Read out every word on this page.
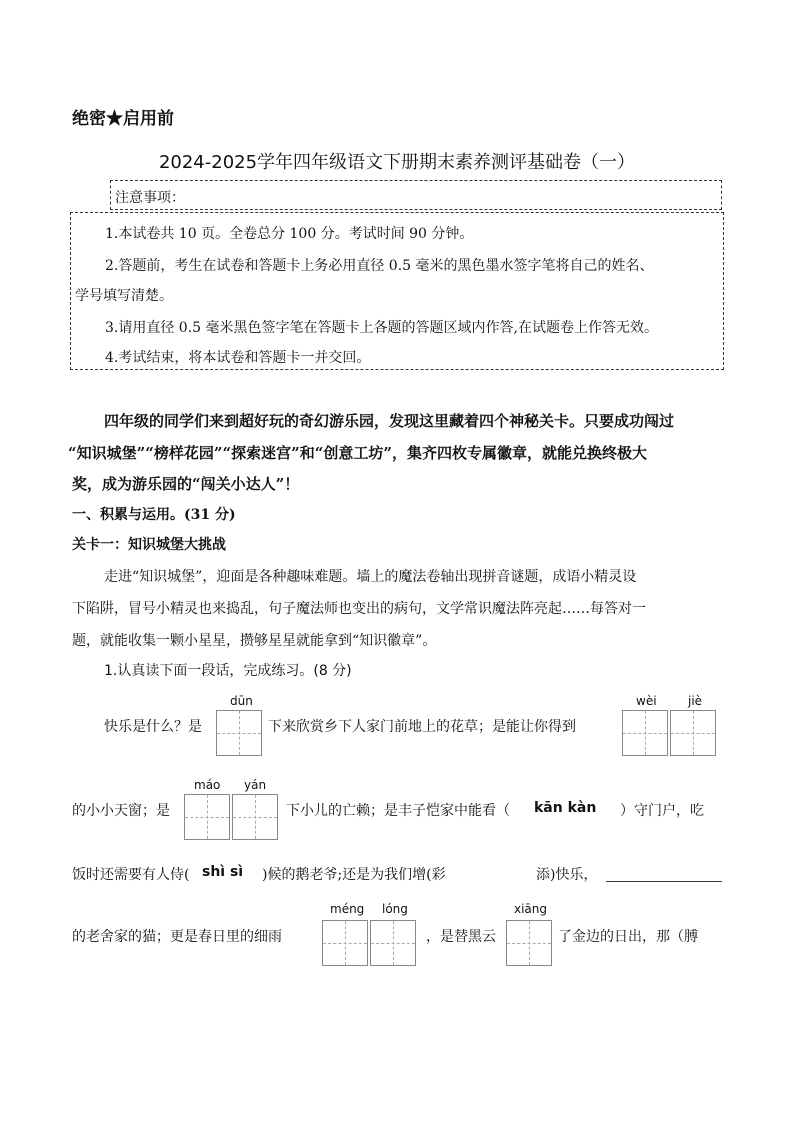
绝密★启用前
2024-2025学年四年级语文下册期末素养测评基础卷（一）
注意事项：
1.本试卷共 10 页。全卷总分 100 分。考试时间 90 分钟。
2.答题前，考生在试卷和答题卡上务必用直径 0.5 毫米的黑色墨水签字笔将自己的姓名、
学号填写清楚。
3.请用直径 0.5 毫米黑色签字笔在答题卡上各题的答题区域内作答,在试题卷上作答无效。
4.考试结束，将本试卷和答题卡一并交回。
四年级的同学们来到超好玩的奇幻游乐园，发现这里藏着四个神秘关卡。只要成功闯过
“知识城堡”“榜样花园”“探索迷宫”和“创意工坊”，集齐四枚专属徽章，就能兑换终极大
奖，成为游乐园的“闯关小达人”！
一、积累与运用。(31 分)
关卡一：知识城堡大挑战
走进“知识城堡”，迎面是各种趣味难题。墙上的魔法卷轴出现拼音谜题，成语小精灵设
下陷阱，冒号小精灵也来捣乱，句子魔法师也变出的病句，文学常识魔法阵亮起……每答对一
题，就能收集一颗小星星，攒够星星就能拿到“知识徽章”。
1.认真读下面一段话，完成练习。(8 分)
dūn	wèi	jiè
快乐是什么？是	下来欣赏乡下人家门前地上的花草；是能让你得到
máo yán
的小小天窗；是	下小儿的亡赖；是丰子恺家中能看（ kān kàn ）守门户，吃
饭时还需要有人侍( shì sì )候的鹅老爷;还是为我们增(彩	添)快乐，
méng lóng	xiāng
的老舍家的猫；更是春日里的细雨	，是替黑云	了金边的日出，那（膊
